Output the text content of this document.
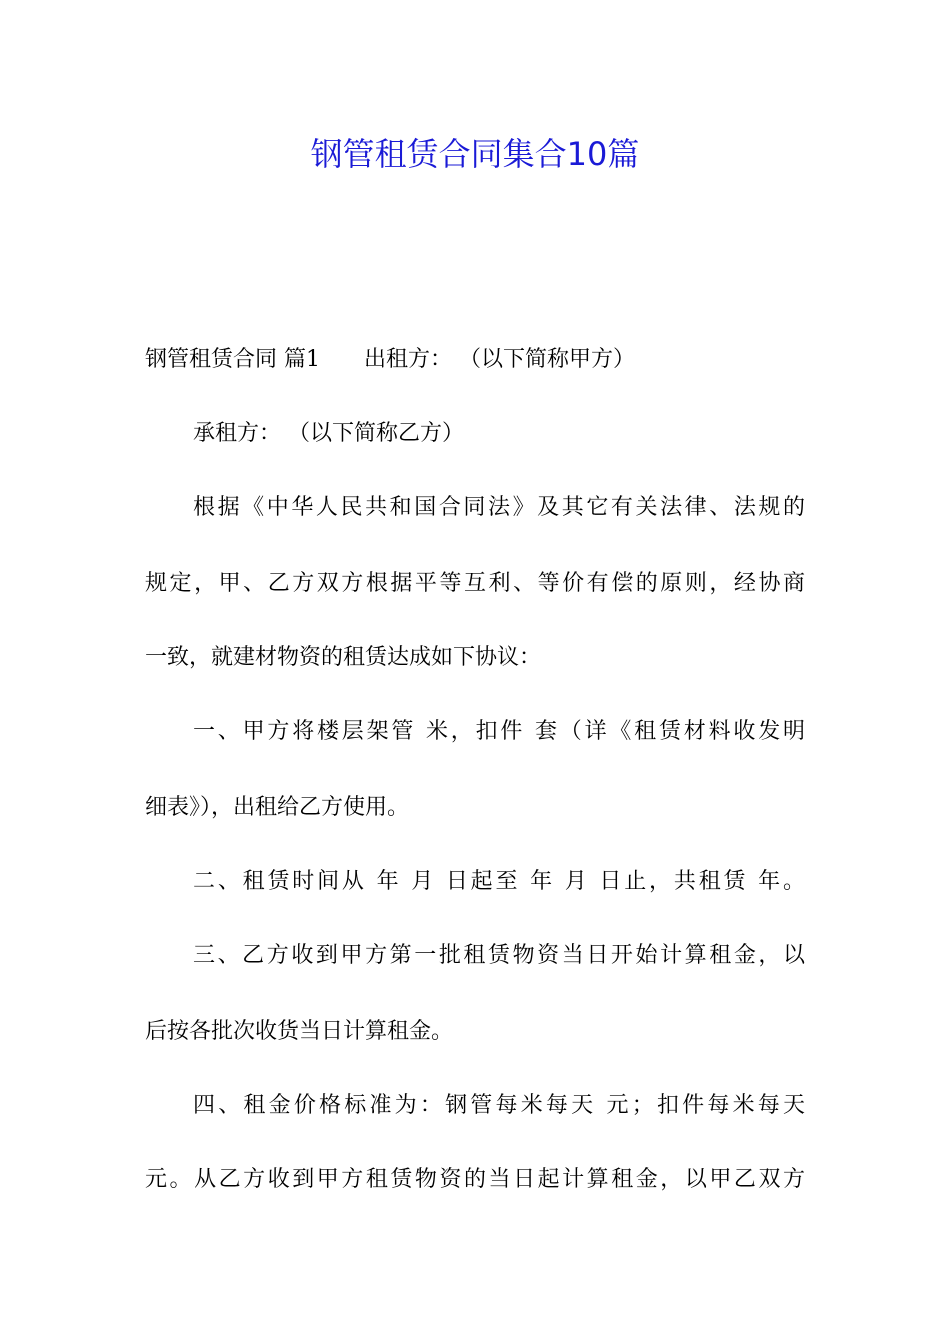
钢管租赁合同集合10篇
钢管租赁合同 篇1 出租方： （以下简称甲方）
承租方： （以下简称乙方）
根据《中华人民共和国合同法》及其它有关法律、法规的
规定，甲、乙方双方根据平等互利、等价有偿的原则，经协商
一致，就建材物资的租赁达成如下协议：
一、甲方将楼层架管 米，扣件 套（详《租赁材料收发明
细表》），出租给乙方使用。
二、租赁时间从 年 月 日起至 年 月 日止，共租赁 年。
三、乙方收到甲方第一批租赁物资当日开始计算租金，以
后按各批次收货当日计算租金。
四、租金价格标准为：钢管每米每天 元；扣件每米每天
元。从乙方收到甲方租赁物资的当日起计算租金，以甲乙双方
